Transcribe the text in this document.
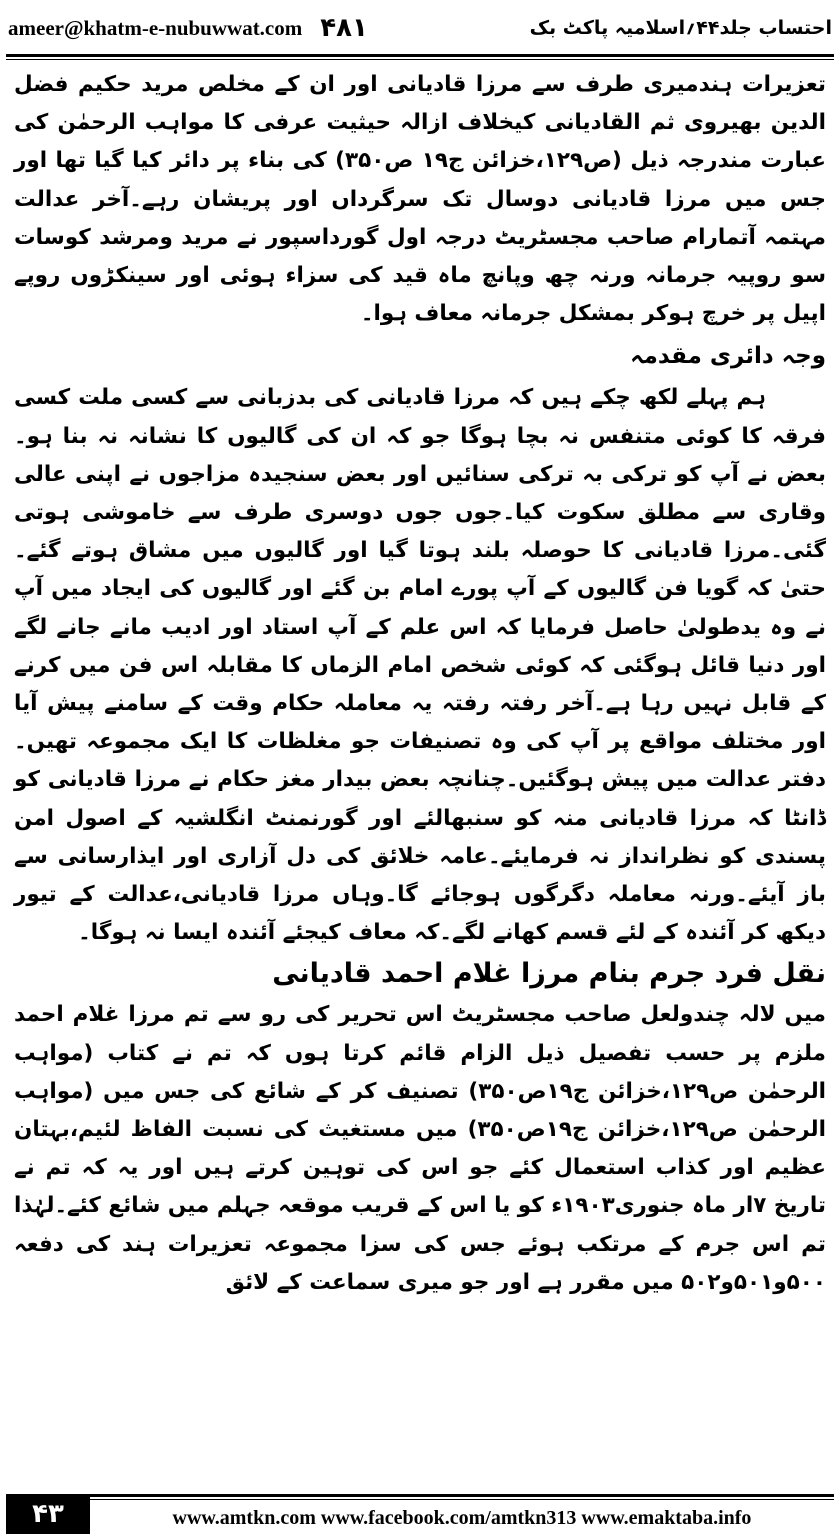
ameer@khatm-e-nubuwwat.com ۴۸۱	احتساب جلد۴۴؍اسلامیہ پاکٹ بک

تعزیرات ہندمیری طرف سے مرزا قادیانی اور ان کے مخلص مرید حکیم فضل الدین بھیروی ثم القادیانی کیخلاف ازالہ حیثیت عرفی کا مواہب الرحمٰن کی عبارت مندرجہ ذیل (ص۱۲۹،خزائن ج۱۹ ص۳۵۰) کی بناء پر دائر کیا گیا تھا اور جس میں مرزا قادیانی دوسال تک سرگرداں اور پریشان رہے۔آخر عدالت مہتمہ آتمارام صاحب مجسٹریٹ درجہ اول گورداسپور نے مرید ومرشد کوسات سو روپیہ جرمانہ ورنہ چھ وپانچ ماہ قید کی سزاء ہوئی اور سینکڑوں روپے اپیل پر خرچ ہوکر بمشکل جرمانہ معاف ہوا۔

وجہ دائری مقدمہ

ہم پہلے لکھ چکے ہیں کہ مرزا قادیانی کی بدزبانی سے کسی ملت کسی فرقہ کا کوئی متنفس نہ بچا ہوگا جو کہ ان کی گالیوں کا نشانہ نہ بنا ہو۔بعض نے آپ کو ترکی بہ ترکی سنائیں اور بعض سنجیدہ مزاجوں نے اپنی عالی وقاری سے مطلق سکوت کیا۔جوں جوں دوسری طرف سے خاموشی ہوتی گئی۔مرزا قادیانی کا حوصلہ بلند ہوتا گیا اور گالیوں میں مشاق ہوتے گئے۔حتیٰ کہ گویا فن گالیوں کے آپ پورے امام بن گئے اور گالیوں کی ایجاد میں آپ نے وہ یدطولیٰ حاصل فرمایا کہ اس علم کے آپ استاد اور ادیب مانے جانے لگے اور دنیا قائل ہوگئی کہ کوئی شخص امام الزماں کا مقابلہ اس فن میں کرنے کے قابل نہیں رہا ہے۔آخر رفتہ رفتہ یہ معاملہ حکام وقت کے سامنے پیش آیا اور مختلف مواقع پر آپ کی وہ تصنیفات جو مغلظات کا ایک مجموعہ تھیں۔دفتر عدالت میں پیش ہوگئیں۔چنانچہ بعض بیدار مغز حکام نے مرزا قادیانی کو ڈانٹا کہ مرزا قادیانی منہ کو سنبھالئے اور گورنمنٹ انگلشیہ کے اصول امن پسندی کو نظرانداز نہ فرمایئے۔عامہ خلائق کی دل آزاری اور ایذارسانی سے باز آیئے۔ورنہ معاملہ دگرگوں ہوجائے گا۔وہاں مرزا قادیانی،عدالت کے تیور دیکھ کر آئندہ کے لئے قسم کھانے لگے۔کہ معاف کیجئے آئندہ ایسا نہ ہوگا۔

نقل فرد جرم بنام مرزا غلام احمد قادیانی

میں لالہ چندولعل صاحب مجسٹریٹ اس تحریر کی رو سے تم مرزا غلام احمد ملزم پر حسب تفصیل ذیل الزام قائم کرتا ہوں کہ تم نے کتاب (مواہب الرحمٰن ص۱۲۹،خزائن ج۱۹ص۳۵۰) تصنیف کر کے شائع کی جس میں (مواہب الرحمٰن ص۱۲۹،خزائن ج۱۹ص۳۵۰) میں مستغیث کی نسبت الفاظ لئیم،بہتان عظیم اور کذاب استعمال کئے جو اس کی توہین کرتے ہیں اور یہ کہ تم نے تاریخ ۷ار ماہ جنوری۱۹۰۳ء کو یا اس کے قریب موقعہ جہلم میں شائع کئے۔لہٰذا تم اس جرم کے مرتکب ہوئے جس کی سزا مجموعہ تعزیرات ہند کی دفعہ ۵۰۰و۵۰۱و۵۰۲ میں مقرر ہے اور جو میری سماعت کے لائق

۴۳	www.amtkn.com www.facebook.com/amtkn313 www.emaktaba.info
